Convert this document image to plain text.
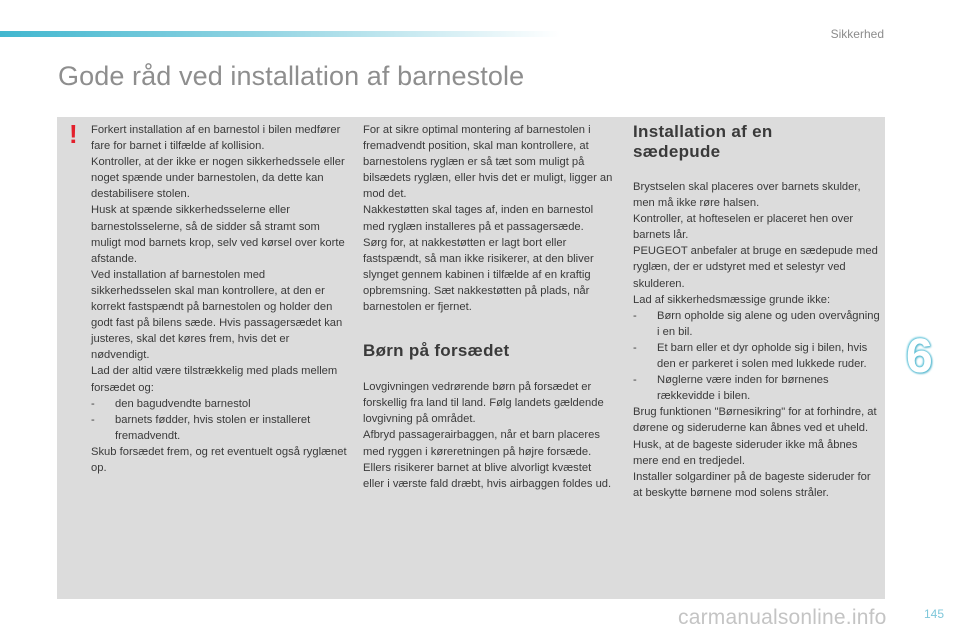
Sikkerhed
Gode råd ved installation af barnestole
! Forkert installation af en barnestol i bilen medfører fare for barnet i tilfælde af kollision.

Kontroller, at der ikke er nogen sikkerhedssele eller noget spænde under barnestolen, da dette kan destabilisere stolen.

Husk at spænde sikkerhedsselerne eller barnestolsselerne, så de sidder så stramt som muligt mod barnets krop, selv ved kørsel over korte afstande.

Ved installation af barnestolen med sikkerhedsselen skal man kontrollere, at den er korrekt fastspændt på barnestolen og holder den godt fast på bilens sæde. Hvis passagersædet kan justeres, skal det køres frem, hvis det er nødvendigt.

Lad der altid være tilstrækkelig med plads mellem forsædet og:

- den bagudvendte barnestol
- barnets fødder, hvis stolen er installeret fremadvendt.

Skub forsædet frem, og ret eventuelt også ryglænet op.

For at sikre optimal montering af barnestolen i fremadvendt position, skal man kontrollere, at barnestolens ryglæn er så tæt som muligt på bilsædets ryglæn, eller hvis det er muligt, ligger an mod det.

Nakkestøtten skal tages af, inden en barnestol med ryglæn installeres på et passagersæde.

Sørg for, at nakkestøtten er lagt bort eller fastspændt, så man ikke risikerer, at den bliver slynget gennem kabinen i tilfælde af en kraftig opbremsning. Sæt nakkestøtten på plads, når barnestolen er fjernet.

Børn på forsædet

Lovgivningen vedrørende børn på forsædet er forskellig fra land til land. Følg landets gældende lovgivning på området.

Afbryd passagerairbaggen, når et barn placeres med ryggen i køreretningen på højre forsæde.

Ellers risikerer barnet at blive alvorligt kvæstet eller i værste fald dræbt, hvis airbaggen foldes ud.

Installation af en sædepude

Brystselen skal placeres over barnets skulder, men må ikke røre halsen.

Kontroller, at hofteselen er placeret hen over barnets lår.

PEUGEOT anbefaler at bruge en sædepude med ryglæn, der er udstyret med et selestyr ved skulderen.

Lad af sikkerhedsmæssige grunde ikke:

- Børn opholde sig alene og uden overvågning i en bil.
- Et barn eller et dyr opholde sig i bilen, hvis den er parkeret i solen med lukkede ruder.
- Nøglerne være inden for børnenes rækkevidde i bilen.

Brug funktionen "Børnesikring" for at forhindre, at dørene og sideruderne kan åbnes ved et uheld.

Husk, at de bageste sideruder ikke må åbnes mere end en tredjedel.

Installer solgardiner på de bageste sideruder for at beskytte børnene mod solens stråler.

6
carmanualsonline.info	145
